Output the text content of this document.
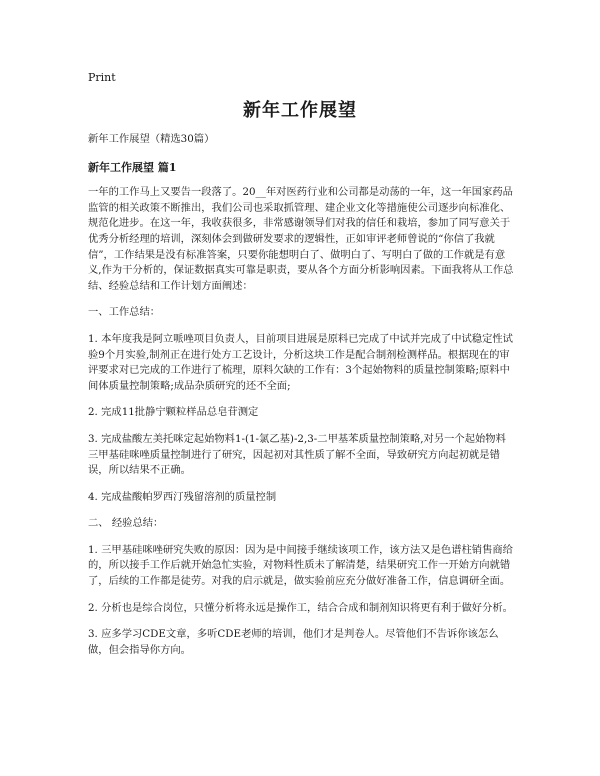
Print
新年工作展望

新年工作展望（精选30篇）

新年工作展望 篇1

一年的工作马上又要告一段落了。20__年对医药行业和公司都是动荡的一年，这一年国家药品监管的相关政策不断推出，我们公司也采取抓管理、建企业文化等措施使公司逐步向标准化、规范化进步。在这一年，我收获很多，非常感谢领导们对我的信任和栽培，参加了同写意关于优秀分析经理的培训，深刻体会到做研发要求的逻辑性，正如审评老师曾说的“你信了我就信”，工作结果是没有标准答案，只要你能想明白了、做明白了、写明白了做的工作就是有意义,作为干分析的，保证数据真实可靠是职责，要从各个方面分析影响因素。下面我将从工作总结、经验总结和工作计划方面阐述：

一、工作总结：

1. 本年度我是阿立哌唑项目负责人，目前项目进展是原料已完成了中试并完成了中试稳定性试验9个月实验,制剂正在进行处方工艺设计，分析这块工作是配合制剂检测样品。根据现在的审评要求对已完成的工作进行了梳理，原料欠缺的工作有：3个起始物料的质量控制策略;原料中间体质量控制策略;成品杂质研究的还不全面;

2. 完成11批静宁颗粒样品总皂苷测定

3. 完成盐酸左美托咪定起始物料1-(1-氯乙基)-2,3-二甲基苯质量控制策略,对另一个起始物料三甲基硅咪唑质量控制进行了研究，因起初对其性质了解不全面，导致研究方向起初就是错误，所以结果不正确。

4. 完成盐酸帕罗西汀残留溶剂的质量控制

二、 经验总结：

1. 三甲基硅咪唑研究失败的原因：因为是中间接手继续该项工作，该方法又是色谱柱销售商给的，所以接手工作后就开始急忙实验，对物料性质未了解清楚，结果研究工作一开始方向就错了，后续的工作都是徒劳。对我的启示就是，做实验前应充分做好准备工作，信息调研全面。

2. 分析也是综合岗位，只懂分析将永远是操作工，结合合成和制剂知识将更有利于做好分析。

3. 应多学习CDE文章，多听CDE老师的培训，他们才是判卷人。尽管他们不告诉你该怎么做，但会指导你方向。
